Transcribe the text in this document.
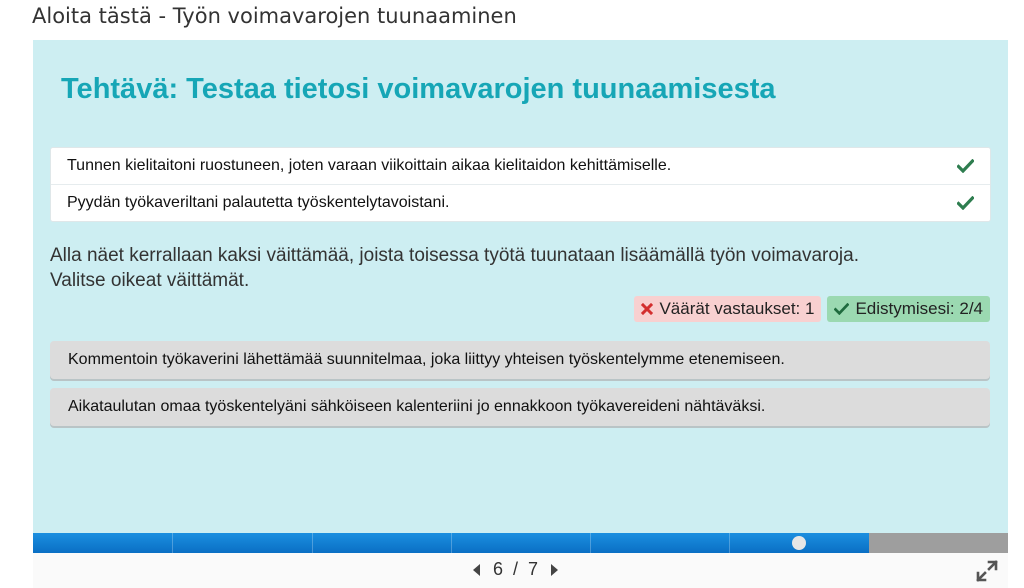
Aloita tästä - Työn voimavarojen tuunaaminen
Tehtävä: Testaa tietosi voimavarojen tuunaamisesta
Tunnen kielitaitoni ruostuneen, joten varaan viikoittain aikaa kielitaidon kehittämiselle.
Pyydän työkaveriltani palautetta työskentelytavoistani.
Alla näet kerrallaan kaksi väittämää, joista toisessa työtä tuunataan lisäämällä työn voimavaroja.
Valitse oikeat väittämät.
Väärät vastaukset: 1 Edistymisesi: 2/4
Kommentoin työkaverini lähettämää suunnitelmaa, joka liittyy yhteisen työskentelymme etenemiseen.
Aikataulutan omaa työskentelyäni sähköiseen kalenteriini jo ennakkoon työkavereideni nähtäväksi.
6 / 7
